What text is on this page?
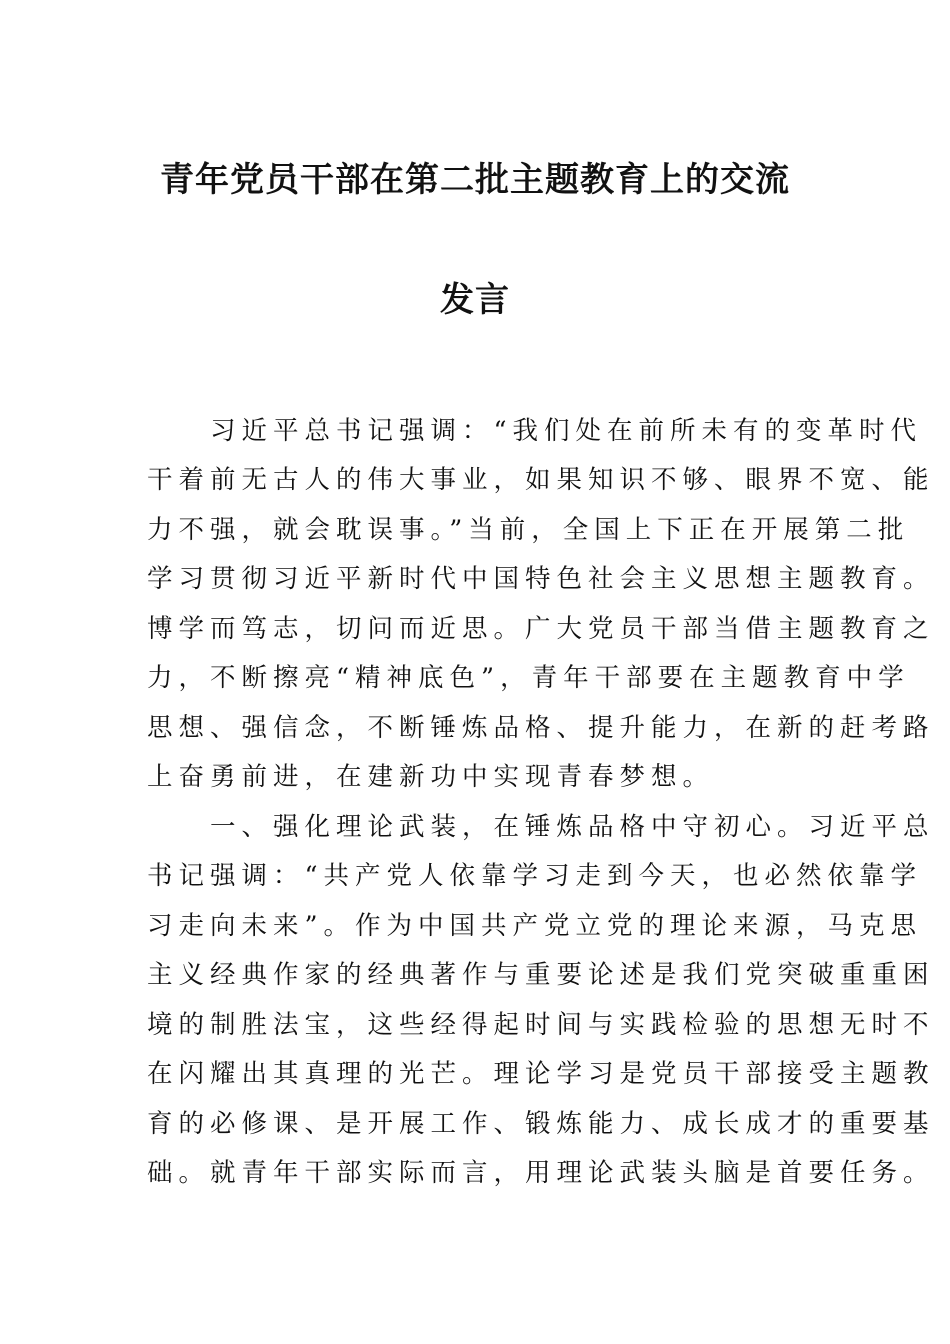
青年党员干部在第二批主题教育上的交流
发言
　　习近平总书记强调：“我们处在前所未有的变革时代
干着前无古人的伟大事业，如果知识不够、眼界不宽、能
力不强，就会耽误事。”当前，全国上下正在开展第二批
学习贯彻习近平新时代中国特色社会主义思想主题教育。
博学而笃志，切问而近思。广大党员干部当借主题教育之
力，不断擦亮“精神底色”，青年干部要在主题教育中学
思想、强信念，不断锤炼品格、提升能力，在新的赶考路
上奋勇前进，在建新功中实现青春梦想。
　　一、强化理论武装，在锤炼品格中守初心。习近平总
书记强调：“共产党人依靠学习走到今天，也必然依靠学
习走向未来”。作为中国共产党立党的理论来源，马克思
主义经典作家的经典著作与重要论述是我们党突破重重困
境的制胜法宝，这些经得起时间与实践检验的思想无时不
在闪耀出其真理的光芒。理论学习是党员干部接受主题教
育的必修课、是开展工作、锻炼能力、成长成才的重要基
础。就青年干部实际而言，用理论武装头脑是首要任务。
